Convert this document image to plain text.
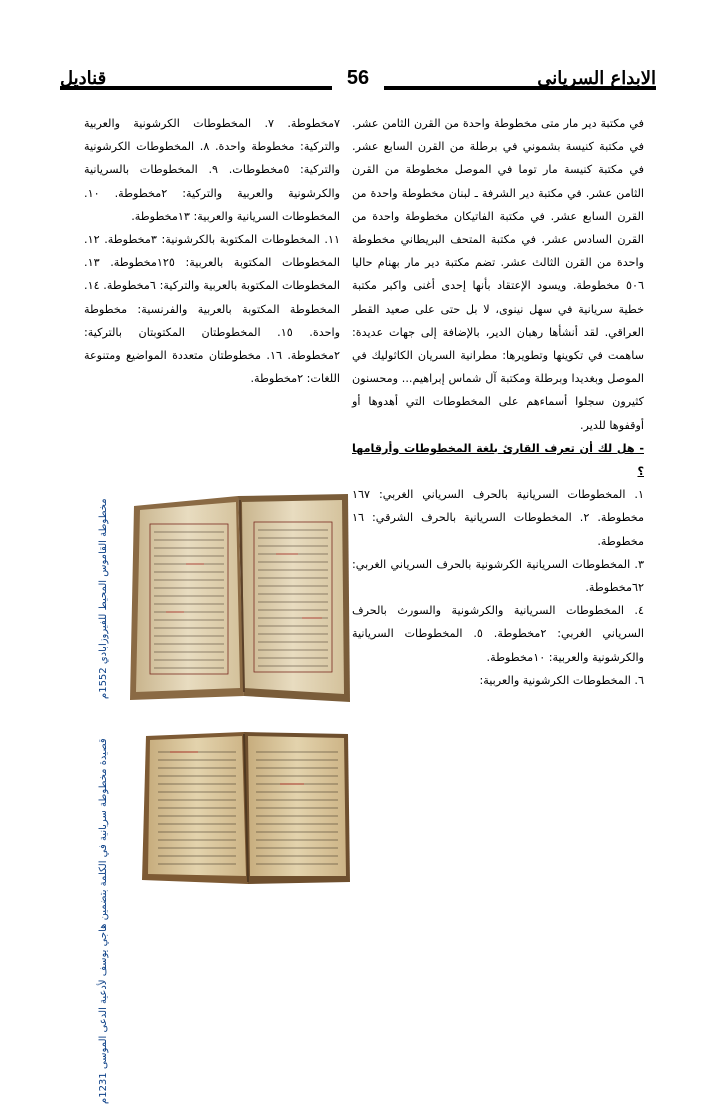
الابداع السرياني
قناديل	56

في مكتبة دير مار متى مخطوطة واحدة من القرن الثامن عشر. في مكتبة كنيسة بشموني في برطلة من القرن السابع عشر. في مكتبة كنيسة مار توما في الموصل مخطوطة من القرن الثامن عشر. في مكتبة دير الشرفة ـ لبنان مخطوطة واحدة من القرن السابع عشر. في مكتبة الفاتيكان مخطوطة واحدة من القرن السادس عشر. في مكتبة المتحف البريطاني مخطوطة واحدة من القرن الثالث عشر. تضم مكتبة دير مار بهنام حاليا ٥٠٦ مخطوطة. ويسود الإعتقاد بأنها إحدى أغنى واكبر مكتبة خطية سريانية في سهل نينوى، لا بل حتى على صعيد القطر العراقي. لقد أنشأها رهبان الدير، بالإضافة إلى جهات عديدة: ساهمت في تكوينها وتطويرها: مطرانية السريان الكاثوليك في الموصل وبغديدا وبرطلة ومكتبة آل شماس إبراهيم... ومحسنون كثيرون سجلوا أسماءهم على المخطوطات التي أهدوها أو أوقفوها للدير.

- هل لك أن تعرف القارئ بلغة المخطوطات وأرقامها ؟

١. المخطوطات السريانية بالحرف السرياني الغربي: ١٦٧ مخطوطة. ٢. المخطوطات السريانية بالحرف الشرقي: ١٦ مخطوطة.

٣. المخطوطات السريانية الكرشونية بالحرف السرياني الغربي: ٦٢مخطوطة.

٤. المخطوطات السريانية والكرشونية والسورث بالحرف السرياني الغربي: ٢مخطوطة. ٥. المخطوطات السريانية والكرشونية والعربية: ١٠مخطوطة.

٦. المخطوطات الكرشونية والعربية:

٧مخطوطة. ٧. المخطوطات الكرشونية والعربية والتركية: مخطوطة واحدة. ٨. المخطوطات الكرشونية والتركية: ٥مخطوطات. ٩. المخطوطات بالسريانية والكرشونية والعربية والتركية: ٢مخطوطة. ١٠. المخطوطات السريانية والعربية: ١٣مخطوطة.

١١. المخطوطات المكتوبة بالكرشونية: ٣مخطوطة. ١٢. المخطوطات المكتوبة بالعربية: ١٢٥مخطوطة. ١٣. المخطوطات المكتوبة بالعربية والتركية: ٦مخطوطة. ١٤. المخطوطة المكتوبة بالعربية والفرنسية: مخطوطة واحدة. ١٥. المخطوطتان المكتوبتان بالتركية: ٢مخطوطة. ١٦. مخطوطتان متعددة المواضيع ومتنوعة اللغات: ٢مخطوطة.

مخطوطة القاموس المحيط للفيروزابادي 1552م
قصيدة مخطوطة سريانية في الكلمة بتضمين هاجي يوسف لأدعية الدعى الموسى 1231م
